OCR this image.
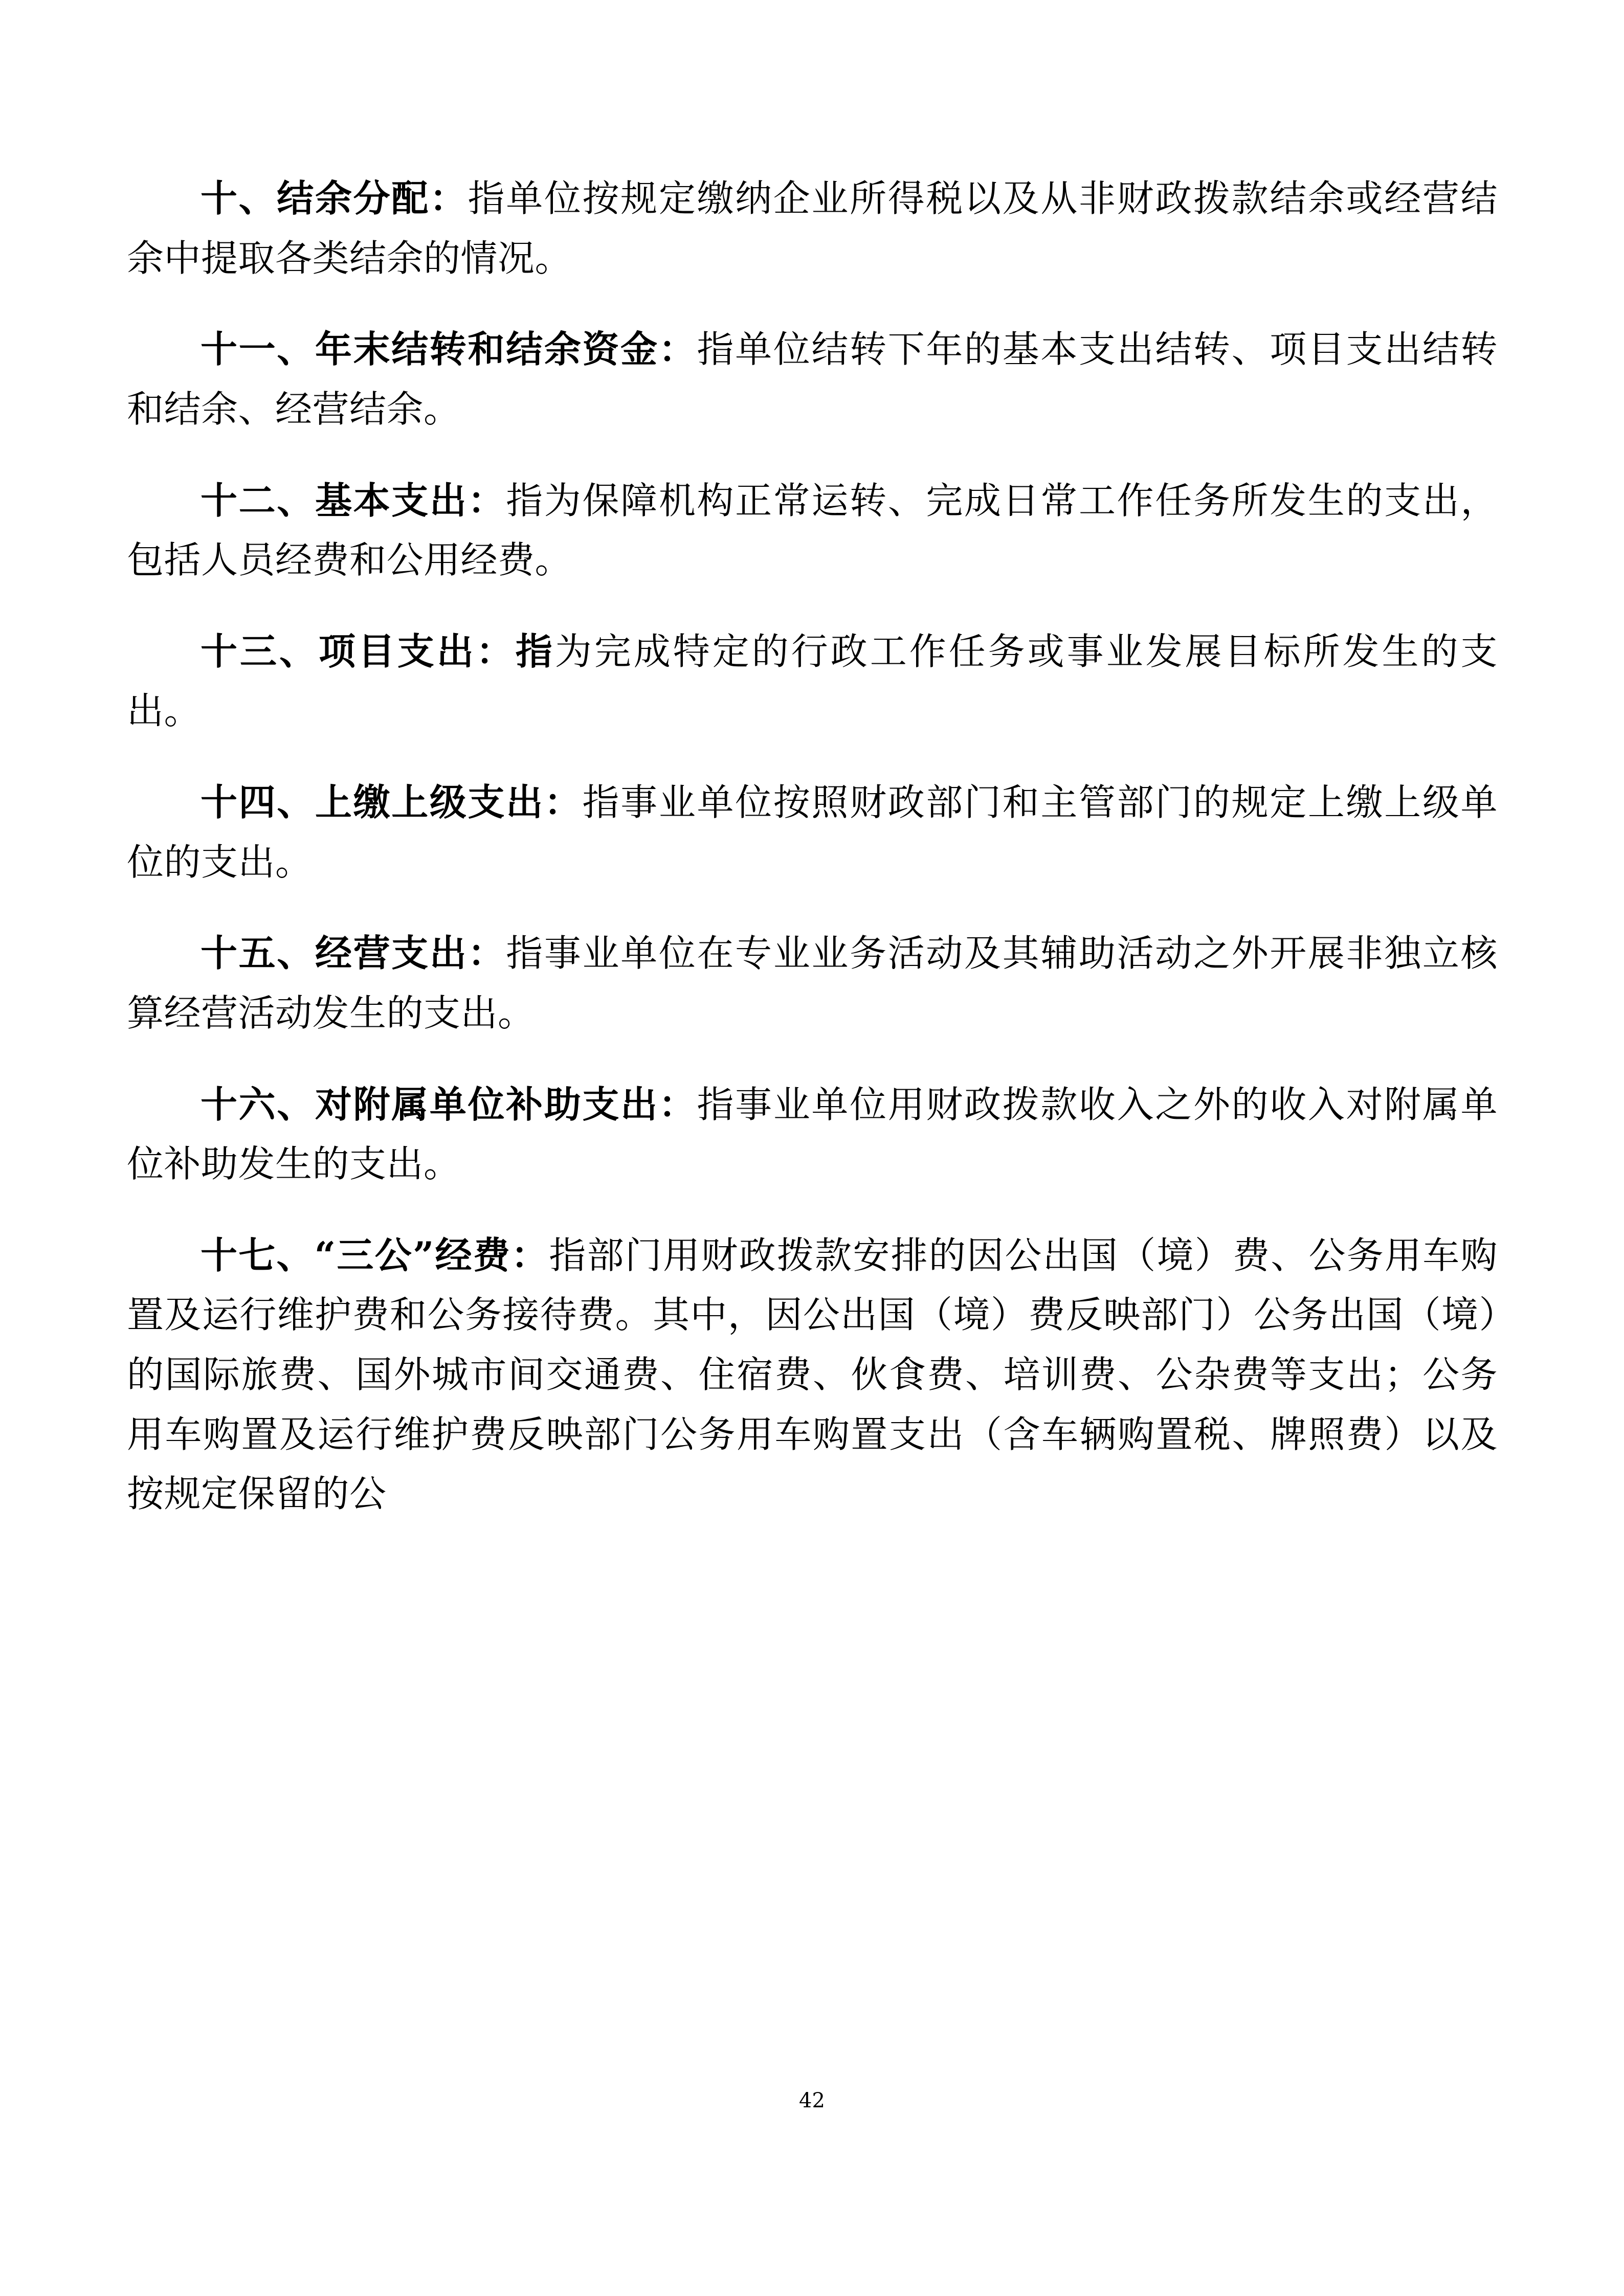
十、结余分配：指单位按规定缴纳企业所得税以及从非财政拨款结余或经营结余中提取各类结余的情况。

十一、年末结转和结余资金：指单位结转下年的基本支出结转、项目支出结转和结余、经营结余。

十二、基本支出：指为保障机构正常运转、完成日常工作任务所发生的支出，包括人员经费和公用经费。

十三、项目支出：指为完成特定的行政工作任务或事业发展目标所发生的支出。

十四、上缴上级支出：指事业单位按照财政部门和主管部门的规定上缴上级单位的支出。

十五、经营支出：指事业单位在专业业务活动及其辅助活动之外开展非独立核算经营活动发生的支出。

十六、对附属单位补助支出：指事业单位用财政拨款收入之外的收入对附属单位补助发生的支出。

十七、“三公”经费：指部门用财政拨款安排的因公出国（境）费、公务用车购置及运行维护费和公务接待费。其中，因公出国（境）费反映部门）公务出国（境）的国际旅费、国外城市间交通费、住宿费、伙食费、培训费、公杂费等支出；公务用车购置及运行维护费反映部门公务用车购置支出（含车辆购置税、牌照费）以及按规定保留的公

42
